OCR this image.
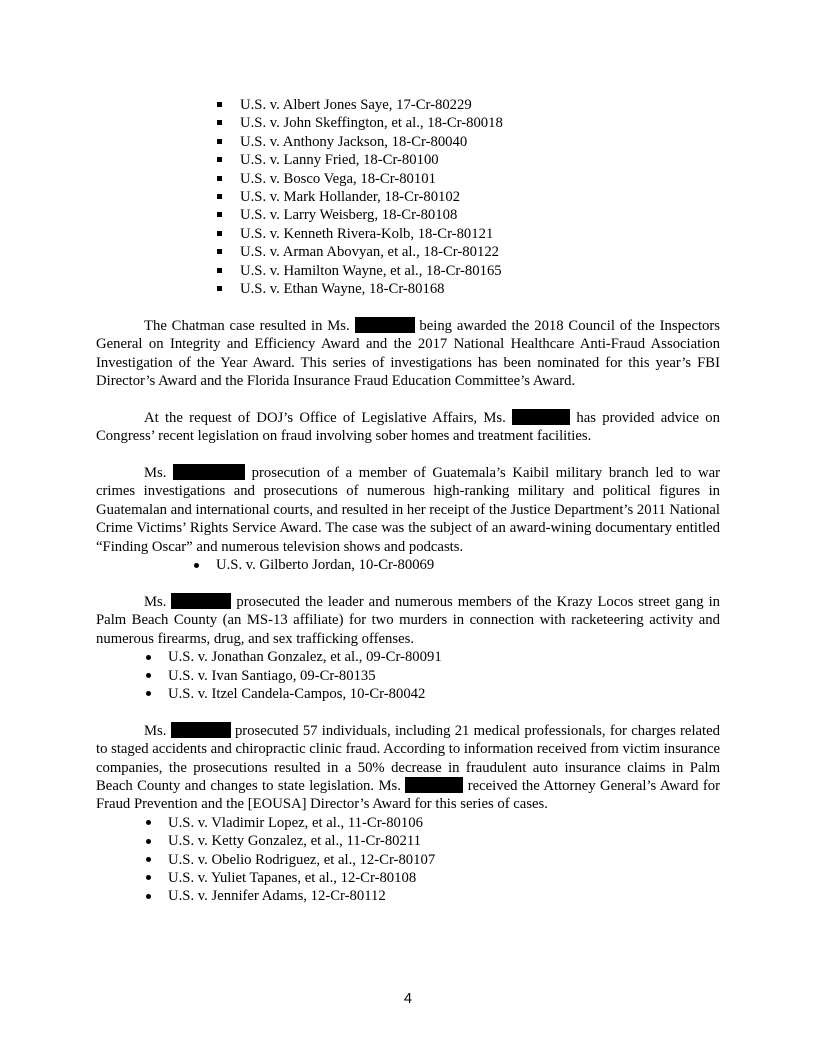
U.S. v. Albert Jones Saye, 17-Cr-80229
U.S. v. John Skeffington, et al., 18-Cr-80018
U.S. v. Anthony Jackson, 18-Cr-80040
U.S. v. Lanny Fried, 18-Cr-80100
U.S. v. Bosco Vega, 18-Cr-80101
U.S. v. Mark Hollander, 18-Cr-80102
U.S. v. Larry Weisberg, 18-Cr-80108
U.S. v. Kenneth Rivera-Kolb, 18-Cr-80121
U.S. v. Arman Abovyan, et al., 18-Cr-80122
U.S. v. Hamilton Wayne, et al., 18-Cr-80165
U.S. v. Ethan Wayne, 18-Cr-80168

The Chatman case resulted in Ms.	being awarded the 2018 Council of the Inspectors General on Integrity and Efficiency Award and the 2017 National Healthcare Anti-Fraud Association Investigation of the Year Award. This series of investigations has been nominated for this year’s FBI Director’s Award and the Florida Insurance Fraud Education Committee’s Award.

At the request of DOJ’s Office of Legislative Affairs, Ms.	has provided advice on Congress’ recent legislation on fraud involving sober homes and treatment facilities.

Ms.	prosecution of a member of Guatemala’s Kaibil military branch led to war crimes investigations and prosecutions of numerous high-ranking military and political figures in Guatemalan and international courts, and resulted in her receipt of the Justice Department’s 2011 National Crime Victims’ Rights Service Award. The case was the subject of an award-wining documentary entitled “Finding Oscar” and numerous television shows and podcasts.

U.S. v. Gilberto Jordan, 10-Cr-80069

Ms.	prosecuted the leader and numerous members of the Krazy Locos street gang in Palm Beach County (an MS-13 affiliate) for two murders in connection with racketeering activity and numerous firearms, drug, and sex trafficking offenses.

U.S. v. Jonathan Gonzalez, et al., 09-Cr-80091
U.S. v. Ivan Santiago, 09-Cr-80135
U.S. v. Itzel Candela-Campos, 10-Cr-80042

Ms.	prosecuted 57 individuals, including 21 medical professionals, for charges related to staged accidents and chiropractic clinic fraud. According to information received from victim insurance companies, the prosecutions resulted in a 50% decrease in fraudulent auto insurance claims in Palm Beach County and changes to state legislation. Ms.	received the Attorney General’s Award for Fraud Prevention and the [EOUSA] Director’s Award for this series of cases.

U.S. v. Vladimir Lopez, et al., 11-Cr-80106
U.S. v. Ketty Gonzalez, et al., 11-Cr-80211
U.S. v. Obelio Rodriguez, et al., 12-Cr-80107
U.S. v. Yuliet Tapanes, et al., 12-Cr-80108
U.S. v. Jennifer Adams, 12-Cr-80112
4
